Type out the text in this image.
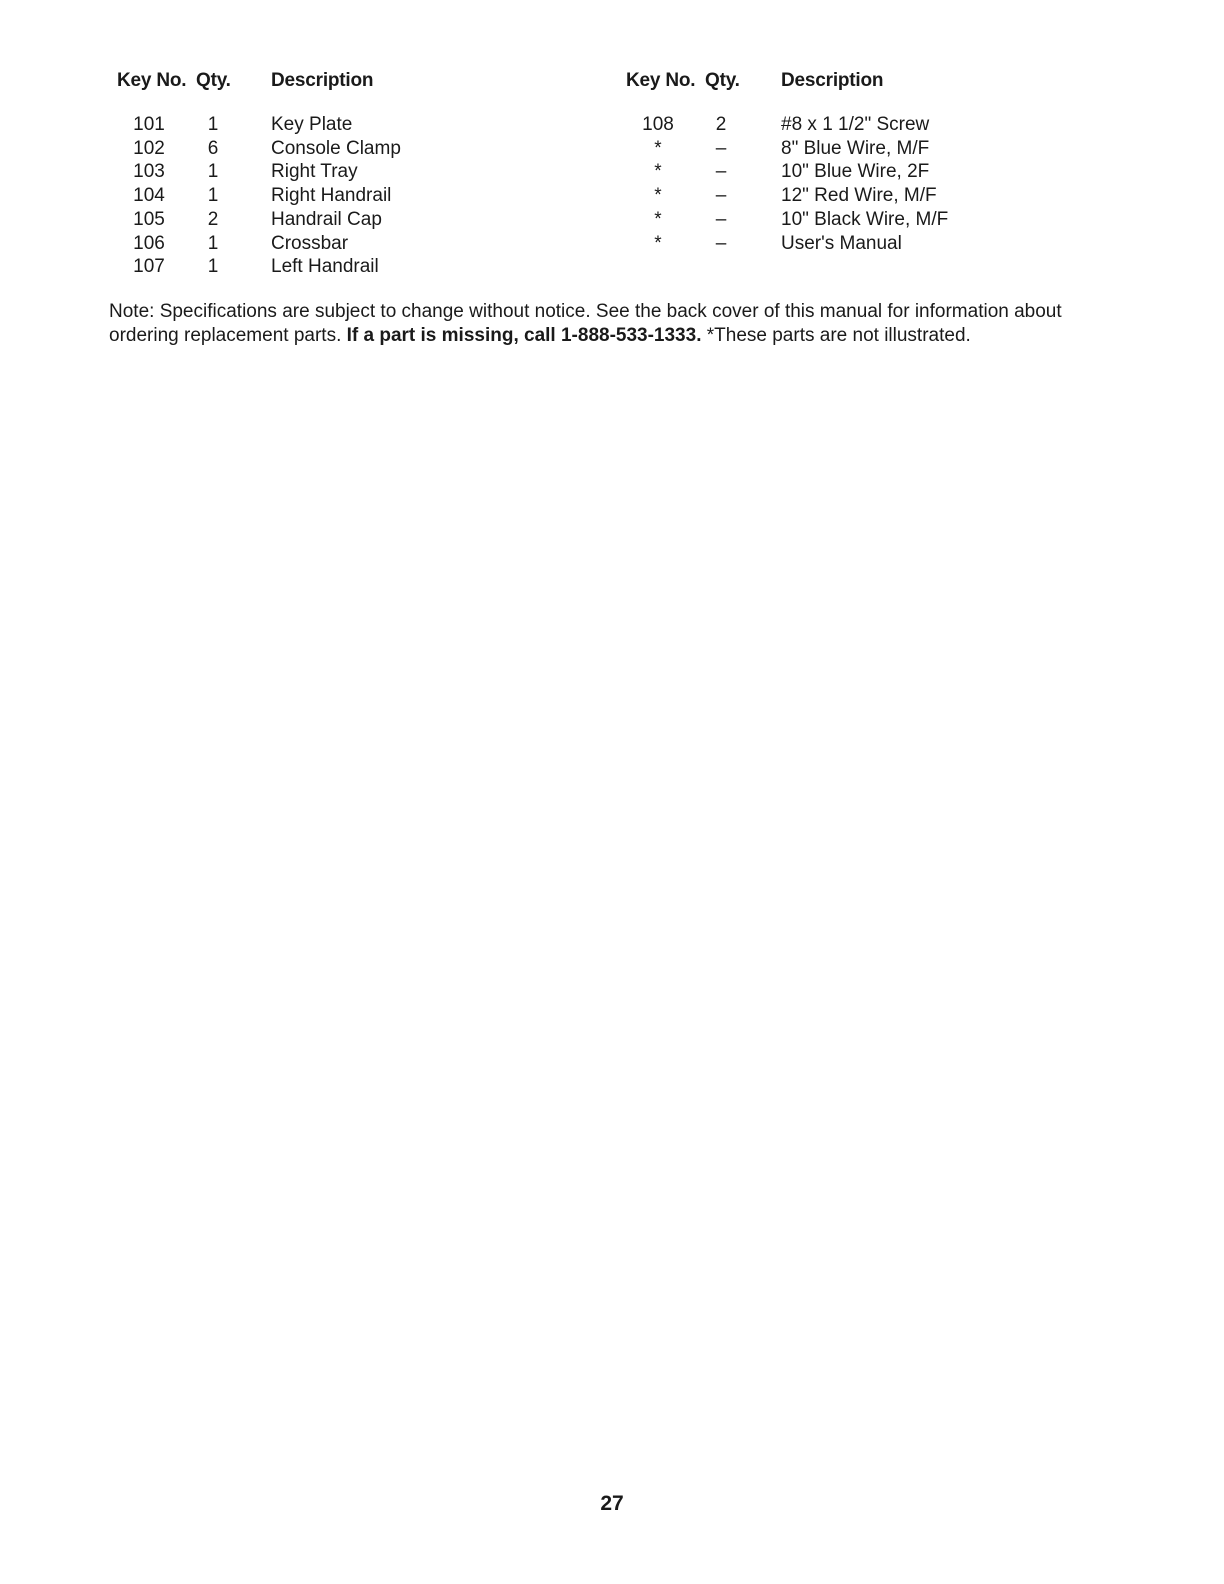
Key No. Qty. Description	Key No. Qty. Description
101	1	Key Plate
102	6	Console Clamp
103	1	Right Tray
104	1	Right Handrail
105	2	Handrail Cap
106	1	Crossbar
107	1	Left Handrail
108	2	#8 x 1 1/2" Screw
*	–	8" Blue Wire, M/F
*	–	10" Blue Wire, 2F
*	–	12" Red Wire, M/F
*	–	10" Black Wire, M/F
*	–	User's Manual

Note: Specifications are subject to change without notice. See the back cover of this manual for information about ordering replacement parts. If a part is missing, call 1-888-533-1333. *These parts are not illustrated.

27
